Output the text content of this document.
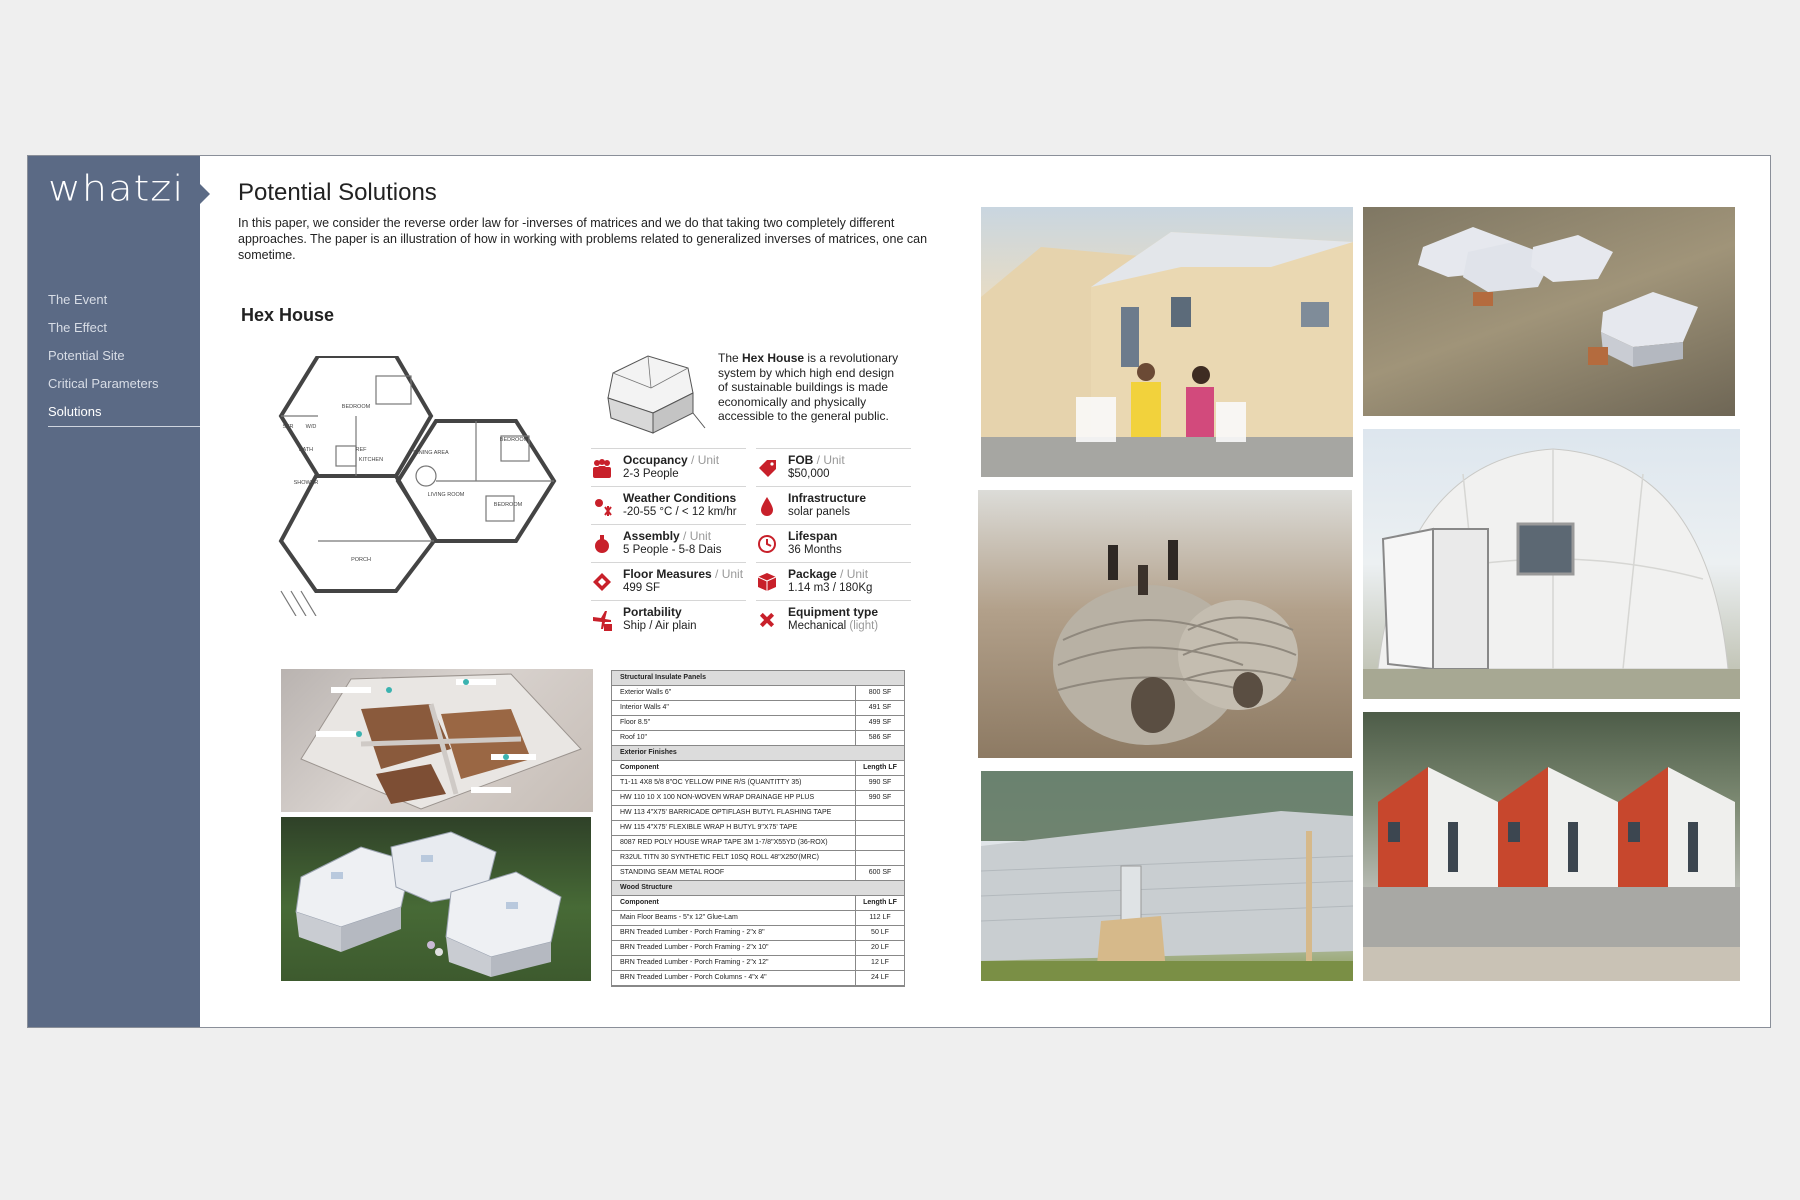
whatzi
The Event
The Effect
Potential Site
Critical Parameters
Solutions
Potential Solutions
In this paper, we consider the reverse order law for -inverses of matrices and we do that taking two completely different approaches. The paper is an illustration of how in working with problems related to generalized inverses of matrices, one can sometime.
Hex House
BEDROOM
BEDROOM
BEDROOM
BATH
KITCHEN
DINING AREA
LIVING ROOM
SHOWER
PORCH
REF
STR W/D
The Hex House is a revolutionary system by which high end design of sustainable buildings is made economically and physically accessible to the general public.
Occupancy / Unit
2-3 People
FOB / Unit
$50,000
Weather Conditions
-20-55 °C / < 12 km/hr
Infrastructure
solar panels
Assembly / Unit
5 People - 5-8 Dais
Lifespan
36 Months
Floor Measures / Unit
499 SF
Package / Unit
1.14 m3 / 180Kg
Portability
Ship / Air plain
Equipment type
Mechanical (light)
Structural Insulate Panels
Exterior Walls 6"	800 SF
Interior Walls 4"	491 SF
Floor 8.5"	499 SF
Roof 10"	586 SF
Exterior Finishes
Component	Length LF
T1-11 4X8 5/8 8"OC YELLOW PINE R/S (QUANTITTY 35)	990 SF
HW 110 10 X 100 NON-WOVEN WRAP DRAINAGE HP PLUS	990 SF
HW 113 4"X75' BARRICADE OPTIFLASH BUTYL FLASHING TAPE
HW 115 4"X75' FLEXIBLE WRAP H BUTYL 9"X75' TAPE
8087 RED POLY HOUSE WRAP TAPE 3M 1-7/8"X55YD (36-ROX)
R32UL TITN 30 SYNTHETIC FELT 10SQ ROLL 48"X250'(MRC)
STANDING SEAM METAL ROOF	600 SF
Wood Structure
Component	Length LF
Main Floor Beams - 5"x 12" Glue-Lam	112 LF
BRN Treaded Lumber - Porch Framing - 2"x 8"	50 LF
BRN Treaded Lumber - Porch Framing - 2"x 10"	20 LF
BRN Treaded Lumber - Porch Framing - 2"x 12"	12 LF
BRN Treaded Lumber - Porch Columns - 4"x 4"	24 LF
